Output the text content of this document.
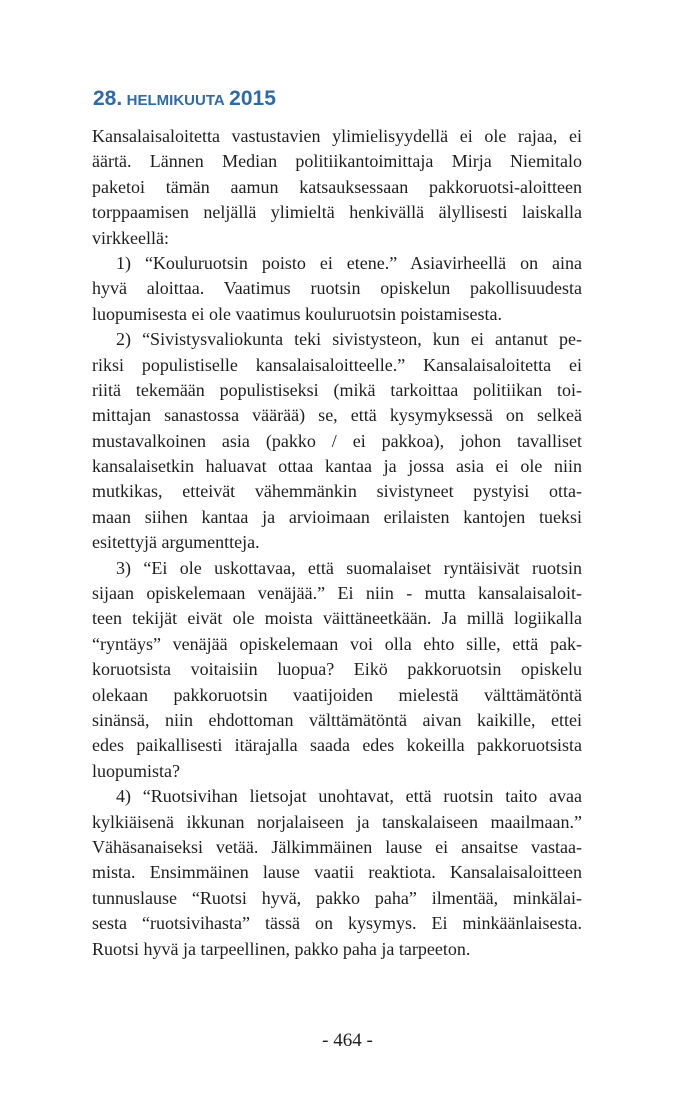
28. HELMIKUUTA 2015
Kansalaisaloitetta vastustavien ylimielisyydellä ei ole rajaa, ei
äärtä. Lännen Median politiikantoimittaja Mirja Niemitalo
paketoi tämän aamun katsauksessaan pakkoruotsi-aloitteen
torppaamisen neljällä ylimieltä henkivällä älyllisesti laiskalla
virkkeellä:
1) “Kouluruotsin poisto ei etene.” Asiavirheellä on aina
hyvä aloittaa. Vaatimus ruotsin opiskelun pakollisuudesta
luopumisesta ei ole vaatimus kouluruotsin poistamisesta.
2) “Sivistysvaliokunta teki sivistysteon, kun ei antanut pe-
riksi populistiselle kansalaisaloitteelle.” Kansalaisaloitetta ei
riitä tekemään populistiseksi (mikä tarkoittaa politiikan toi-
mittajan sanastossa väärää) se, että kysymyksessä on selkeä
mustavalkoinen asia (pakko / ei pakkoa), johon tavalliset
kansalaisetkin haluavat ottaa kantaa ja jossa asia ei ole niin
mutkikas, etteivät vähemmänkin sivistyneet pystyisi otta-
maan siihen kantaa ja arvioimaan erilaisten kantojen tueksi
esitettyjä argumentteja.
3) “Ei ole uskottavaa, että suomalaiset ryntäisivät ruotsin
sijaan opiskelemaan venäjää.” Ei niin - mutta kansalaisaloit-
teen tekijät eivät ole moista väittäneetkään. Ja millä logiikalla
“ryntäys” venäjää opiskelemaan voi olla ehto sille, että pak-
koruotsista voitaisiin luopua? Eikö pakkoruotsin opiskelu
olekaan pakkoruotsin vaatijoiden mielestä välttämätöntä
sinänsä, niin ehdottoman välttämätöntä aivan kaikille, ettei
edes paikallisesti itärajalla saada edes kokeilla pakkoruotsista
luopumista?
4) “Ruotsivihan lietsojat unohtavat, että ruotsin taito avaa
kylkiäisenä ikkunan norjalaiseen ja tanskalaiseen maailmaan.”
Vähäsanaiseksi vetää. Jälkimmäinen lause ei ansaitse vastaa-
mista. Ensimmäinen lause vaatii reaktiota. Kansalaisaloitteen
tunnuslause “Ruotsi hyvä, pakko paha” ilmentää, minkälai-
sesta “ruotsivihasta” tässä on kysymys. Ei minkäänlaisesta.
Ruotsi hyvä ja tarpeellinen, pakko paha ja tarpeeton.
- 464 -
